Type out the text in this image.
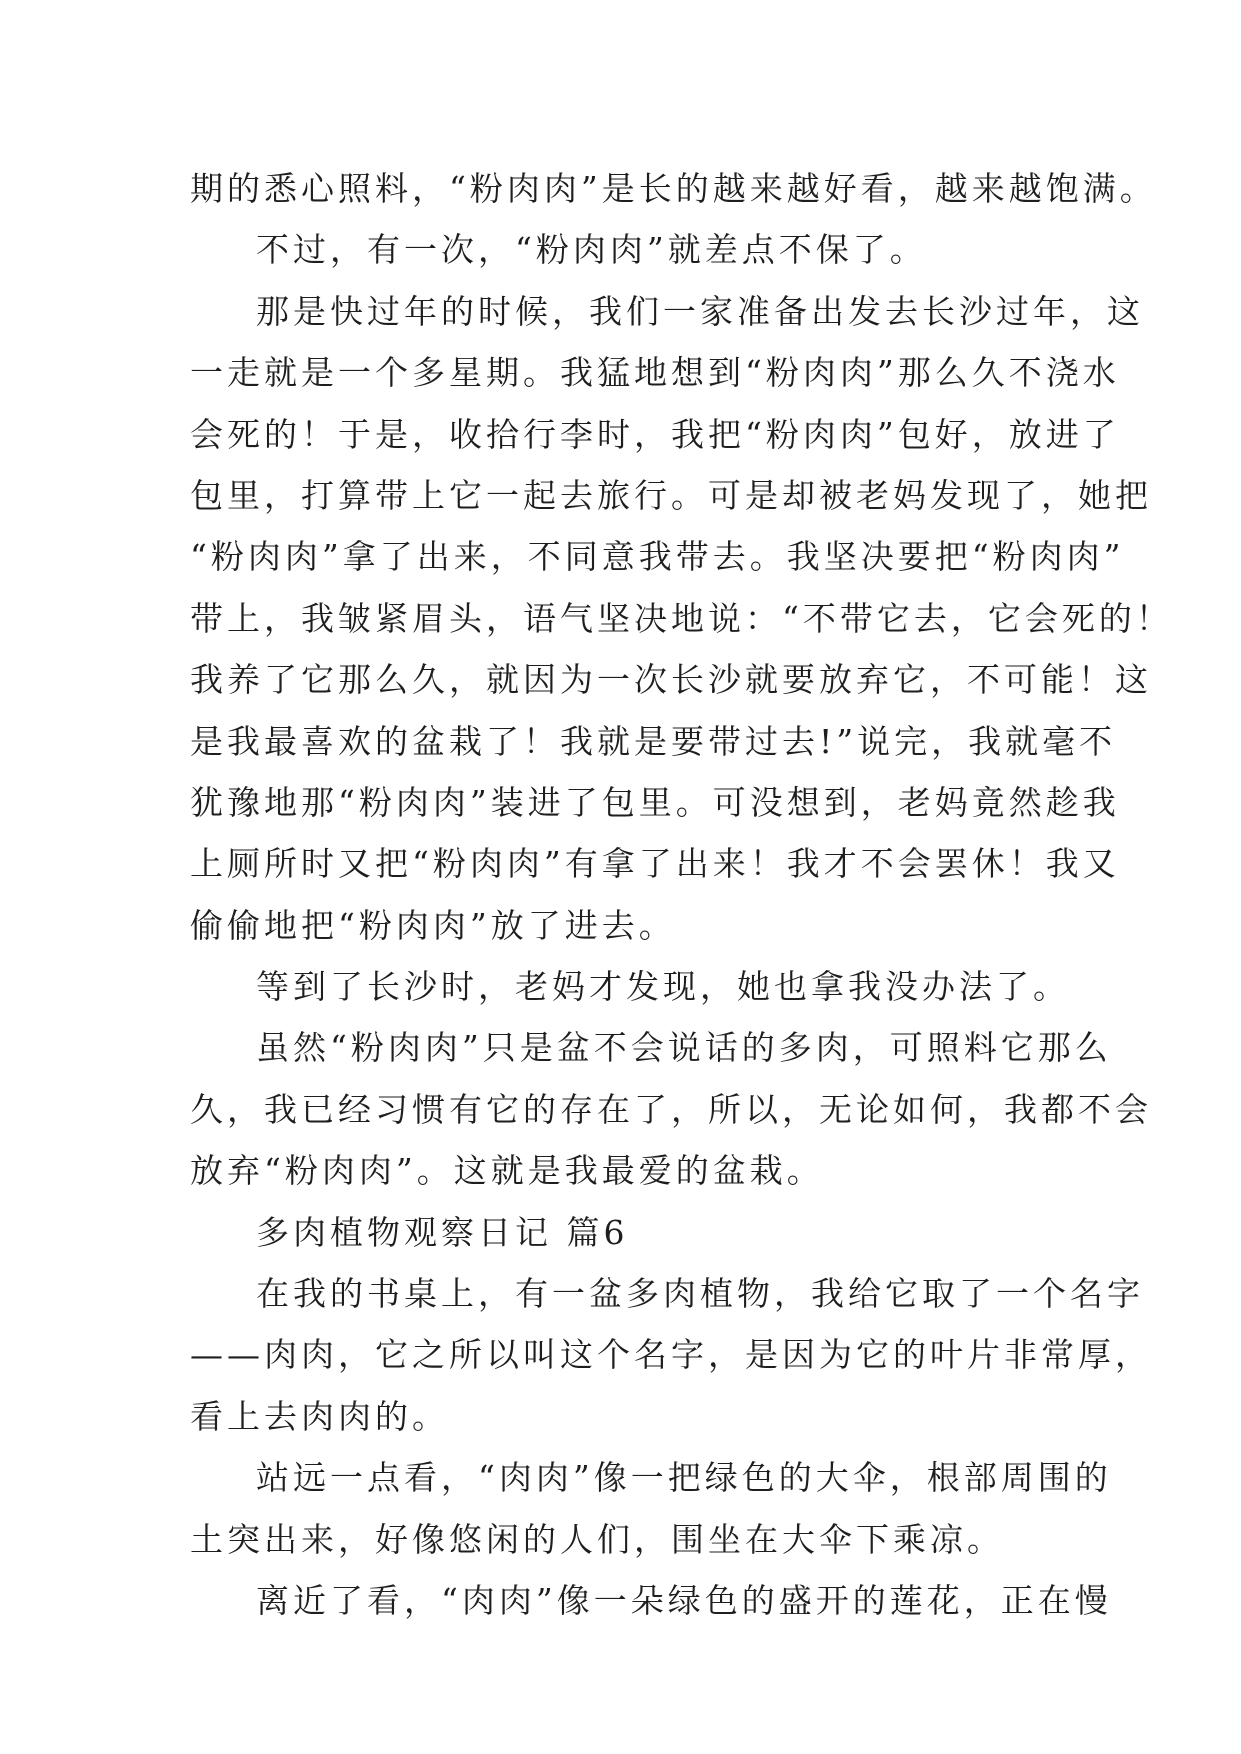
期的悉心照料，“粉肉肉”是长的越来越好看，越来越饱满。
不过，有一次，“粉肉肉”就差点不保了。
那是快过年的时候，我们一家准备出发去长沙过年，这
一走就是一个多星期。我猛地想到“粉肉肉”那么久不浇水
会死的！于是，收拾行李时，我把“粉肉肉”包好，放进了
包里，打算带上它一起去旅行。可是却被老妈发现了，她把
“粉肉肉”拿了出来，不同意我带去。我坚决要把“粉肉肉”
带上，我皱紧眉头，语气坚决地说：“不带它去，它会死的！
我养了它那么久，就因为一次长沙就要放弃它，不可能！这
是我最喜欢的盆栽了！我就是要带过去!”说完，我就毫不
犹豫地那“粉肉肉”装进了包里。可没想到，老妈竟然趁我
上厕所时又把“粉肉肉”有拿了出来！我才不会罢休！我又
偷偷地把“粉肉肉”放了进去。
等到了长沙时，老妈才发现，她也拿我没办法了。
虽然“粉肉肉”只是盆不会说话的多肉，可照料它那么
久，我已经习惯有它的存在了，所以，无论如何，我都不会
放弃“粉肉肉”。这就是我最爱的盆栽。
多肉植物观察日记 篇6
在我的书桌上，有一盆多肉植物，我给它取了一个名字
——肉肉，它之所以叫这个名字，是因为它的叶片非常厚，
看上去肉肉的。
站远一点看，“肉肉”像一把绿色的大伞，根部周围的
土突出来，好像悠闲的人们，围坐在大伞下乘凉。
离近了看，“肉肉”像一朵绿色的盛开的莲花，正在慢
